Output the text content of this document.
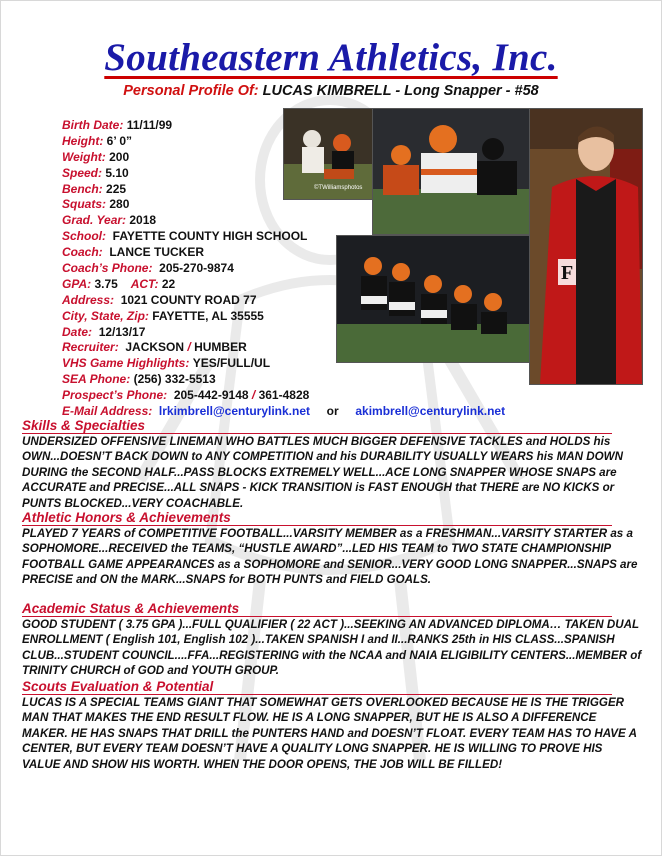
Southeastern Athletics, Inc.
Personal Profile Of: LUCAS KIMBRELL - Long Snapper - #58
Birth Date: 11/11/99
Height: 6’ 0”
Weight: 200
Speed: 5.10
Bench: 225
Squats: 280
Grad. Year: 2018
School: FAYETTE COUNTY HIGH SCHOOL
Coach: LANCE TUCKER
Coach’s Phone: 205-270-9874
GPA: 3.75 ACT: 22
Address: 1021 COUNTY ROAD 77
City, State, Zip: FAYETTE, AL 35555
Date: 12/13/17
Recruiter: JACKSON / HUMBER
VHS Game Highlights: YES/FULL/UL
SEA Phone: (256) 332-5513
Prospect’s Phone: 205-442-9148 / 361-4828
E-Mail Address: lrkimbrell@centurylink.net or akimbrell@centurylink.net
©TWilliamsphotos
F
Skills & Specialties
UNDERSIZED OFFENSIVE LINEMAN WHO BATTLES MUCH BIGGER DEFENSIVE TACKLES and HOLDS his OWN...DOESN’T BACK DOWN to ANY COMPETITION and his DURABILITY USUALLY WEARS his MAN DOWN DURING the SECOND HALF...PASS BLOCKS EXTREMELY WELL...ACE LONG SNAPPER WHOSE SNAPS are ACCURATE and PRECISE...ALL SNAPS - KICK TRANSITION is FAST ENOUGH that THERE are NO KICKS or PUNTS BLOCKED...VERY COACHABLE.
Athletic Honors & Achievements
PLAYED 7 YEARS of COMPETITIVE FOOTBALL...VARSITY MEMBER as a FRESHMAN...VARSITY STARTER as a SOPHOMORE...RECEIVED the TEAMS, “HUSTLE AWARD”...LED HIS TEAM to TWO STATE CHAMPIONSHIP FOOTBALL GAME APPEARANCES as a SOPHOMORE and SENIOR...VERY GOOD LONG SNAPPER...SNAPS are PRECISE and ON the MARK...SNAPS for BOTH PUNTS and FIELD GOALS.
Academic Status & Achievements
GOOD STUDENT ( 3.75 GPA )...FULL QUALIFIER ( 22 ACT )...SEEKING AN ADVANCED DIPLOMA… TAKEN DUAL ENROLLMENT ( English 101, English 102 )...TAKEN SPANISH I and II...RANKS 25th in HIS CLASS...SPANISH CLUB...STUDENT COUNCIL....FFA...REGISTERING with the NCAA and NAIA ELIGIBILITY CENTERS...MEMBER of TRINITY CHURCH of GOD and YOUTH GROUP.
Scouts Evaluation & Potential
LUCAS IS A SPECIAL TEAMS GIANT THAT SOMEWHAT GETS OVERLOOKED BECAUSE HE IS THE TRIGGER MAN THAT MAKES THE END RESULT FLOW. HE IS A LONG SNAPPER, BUT HE IS ALSO A DIFFERENCE MAKER. HE HAS SNAPS THAT DRILL the PUNTERS HAND and DOESN’T FLOAT. EVERY TEAM HAS TO HAVE A CENTER, BUT EVERY TEAM DOESN’T HAVE A QUALITY LONG SNAPPER. HE IS WILLING TO PROVE HIS VALUE AND SHOW HIS WORTH. WHEN THE DOOR OPENS, THE JOB WILL BE FILLED!
